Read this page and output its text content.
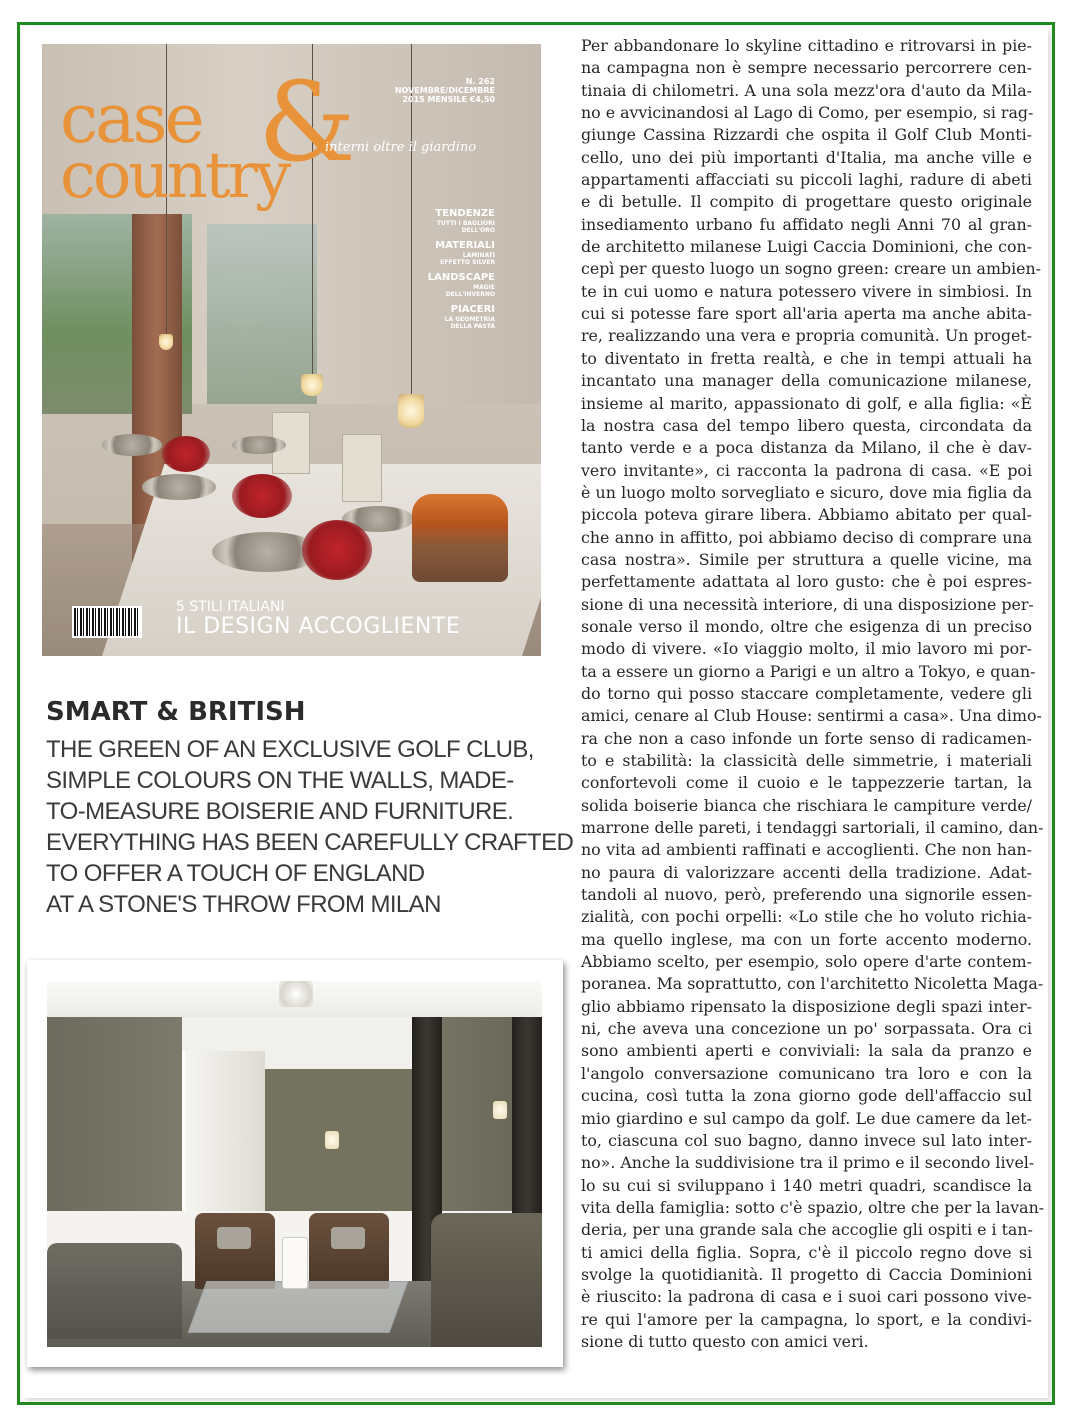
case &
country	interni oltre il giardino
N. 262
NOVEMBRE/DICEMBRE
2015 MENSILE €4,50
TENDENZE
TUTTI I BAGLIORI
DELL'ORO
MATERIALI
LAMINATI
EFFETTO SILVER
LANDSCAPE
MAGIE
DELL'INVERNO
PIACERI
LA GEOMETRIA
DELLA PASTA
5 STILI ITALIANI
IL DESIGN ACCOGLIENTE
SMART & BRITISH
THE GREEN OF AN EXCLUSIVE GOLF CLUB,
SIMPLE COLOURS ON THE WALLS, MADE-
TO-MEASURE BOISERIE AND FURNITURE.
EVERYTHING HAS BEEN CAREFULLY CRAFTED
TO OFFER A TOUCH OF ENGLAND
AT A STONE'S THROW FROM MILAN
Per abbandonare lo skyline cittadino e ritrovarsi in pie-
na campagna non è sempre necessario percorrere cen-
tinaia di chilometri. A una sola mezz'ora d'auto da Mila-
no e avvicinandosi al Lago di Como, per esempio, si rag-
giunge Cassina Rizzardi che ospita il Golf Club Monti-
cello, uno dei più importanti d'Italia, ma anche ville e
appartamenti affacciati su piccoli laghi, radure di abeti
e di betulle. Il compito di progettare questo originale
insediamento urbano fu affidato negli Anni 70 al gran-
de architetto milanese Luigi Caccia Dominioni, che con-
cepì per questo luogo un sogno green: creare un ambien-
te in cui uomo e natura potessero vivere in simbiosi. In
cui si potesse fare sport all'aria aperta ma anche abita-
re, realizzando una vera e propria comunità. Un proget-
to diventato in fretta realtà, e che in tempi attuali ha
incantato una manager della comunicazione milanese,
insieme al marito, appassionato di golf, e alla figlia: «È
la nostra casa del tempo libero questa, circondata da
tanto verde e a poca distanza da Milano, il che è dav-
vero invitante», ci racconta la padrona di casa. «E poi
è un luogo molto sorvegliato e sicuro, dove mia figlia da
piccola poteva girare libera. Abbiamo abitato per qual-
che anno in affitto, poi abbiamo deciso di comprare una
casa nostra». Simile per struttura a quelle vicine, ma
perfettamente adattata al loro gusto: che è poi espres-
sione di una necessità interiore, di una disposizione per-
sonale verso il mondo, oltre che esigenza di un preciso
modo di vivere. «Io viaggio molto, il mio lavoro mi por-
ta a essere un giorno a Parigi e un altro a Tokyo, e quan-
do torno qui posso staccare completamente, vedere gli
amici, cenare al Club House: sentirmi a casa». Una dimo-
ra che non a caso infonde un forte senso di radicamen-
to e stabilità: la classicità delle simmetrie, i materiali
confortevoli come il cuoio e le tappezzerie tartan, la
solida boiserie bianca che rischiara le campiture verde/
marrone delle pareti, i tendaggi sartoriali, il camino, dan-
no vita ad ambienti raffinati e accoglienti. Che non han-
no paura di valorizzare accenti della tradizione. Adat-
tandoli al nuovo, però, preferendo una signorile essen-
zialità, con pochi orpelli: «Lo stile che ho voluto richia-
ma quello inglese, ma con un forte accento moderno.
Abbiamo scelto, per esempio, solo opere d'arte contem-
poranea. Ma soprattutto, con l'architetto Nicoletta Maga-
glio abbiamo ripensato la disposizione degli spazi inter-
ni, che aveva una concezione un po' sorpassata. Ora ci
sono ambienti aperti e conviviali: la sala da pranzo e
l'angolo conversazione comunicano tra loro e con la
cucina, così tutta la zona giorno gode dell'affaccio sul
mio giardino e sul campo da golf. Le due camere da let-
to, ciascuna col suo bagno, danno invece sul lato inter-
no». Anche la suddivisione tra il primo e il secondo livel-
lo su cui si sviluppano i 140 metri quadri, scandisce la
vita della famiglia: sotto c'è spazio, oltre che per la lavan-
deria, per una grande sala che accoglie gli ospiti e i tan-
ti amici della figlia. Sopra, c'è il piccolo regno dove si
svolge la quotidianità. Il progetto di Caccia Dominioni
è riuscito: la padrona di casa e i suoi cari possono vive-
re qui l'amore per la campagna, lo sport, e la condivi-
sione di tutto questo con amici veri.
